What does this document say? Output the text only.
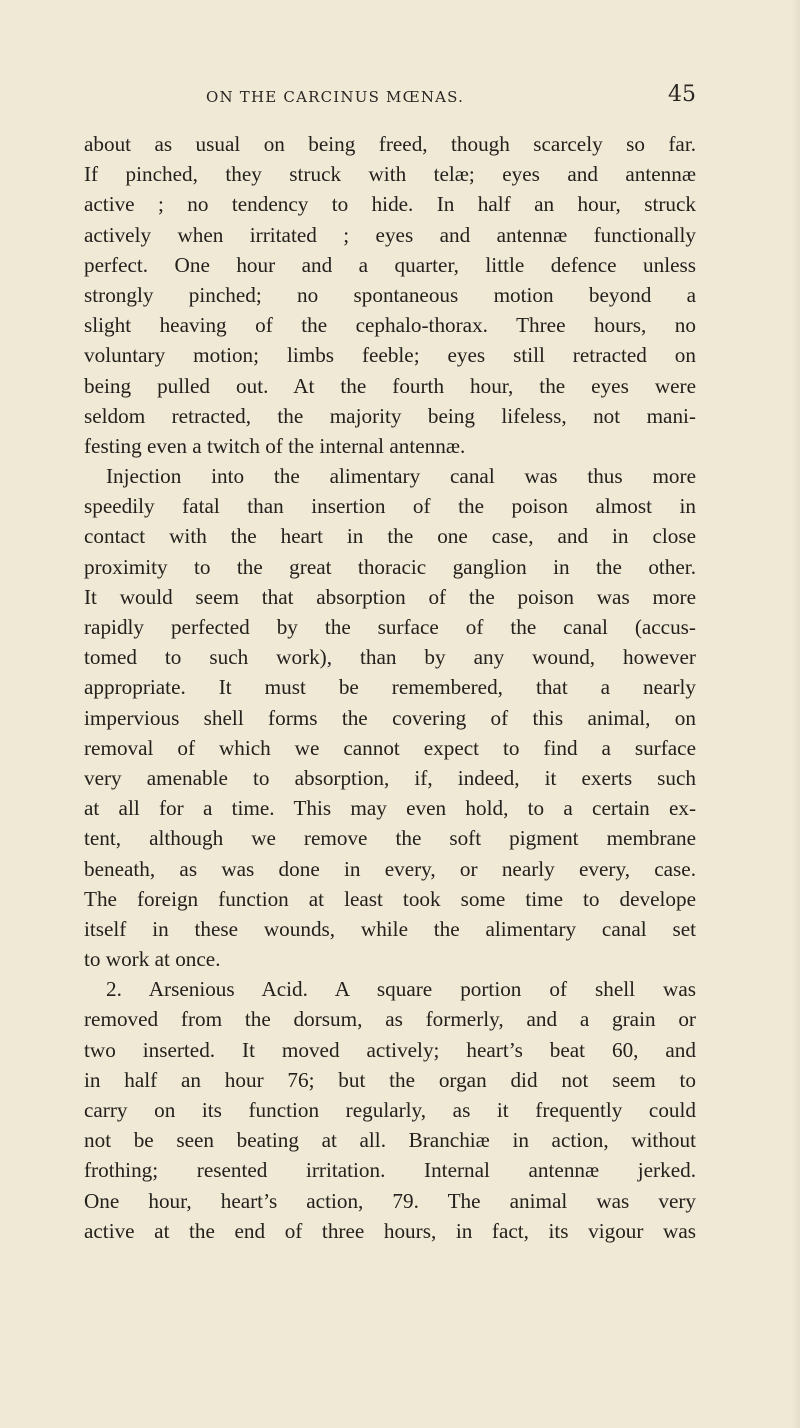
ON THE CARCINUS MŒNAS.	45
about as usual on being freed, though scarcely so far.
If pinched, they struck with telæ; eyes and antennæ
active ; no tendency to hide. In half an hour, struck
actively when irritated ; eyes and antennæ functionally
perfect. One hour and a quarter, little defence unless
strongly pinched; no spontaneous motion beyond a
slight heaving of the cephalo-thorax. Three hours, no
voluntary motion; limbs feeble; eyes still retracted on
being pulled out. At the fourth hour, the eyes were
seldom retracted, the majority being lifeless, not mani-
festing even a twitch of the internal antennæ.
Injection into the alimentary canal was thus more
speedily fatal than insertion of the poison almost in
contact with the heart in the one case, and in close
proximity to the great thoracic ganglion in the other.
It would seem that absorption of the poison was more
rapidly perfected by the surface of the canal (accus-
tomed to such work), than by any wound, however
appropriate. It must be remembered, that a nearly
impervious shell forms the covering of this animal, on
removal of which we cannot expect to find a surface
very amenable to absorption, if, indeed, it exerts such
at all for a time. This may even hold, to a certain ex-
tent, although we remove the soft pigment membrane
beneath, as was done in every, or nearly every, case.
The foreign function at least took some time to develope
itself in these wounds, while the alimentary canal set
to work at once.
2. Arsenious Acid. A square portion of shell was
removed from the dorsum, as formerly, and a grain or
two inserted. It moved actively; heart’s beat 60, and
in half an hour 76; but the organ did not seem to
carry on its function regularly, as it frequently could
not be seen beating at all. Branchiæ in action, without
frothing; resented irritation. Internal antennæ jerked.
One hour, heart’s action, 79. The animal was very
active at the end of three hours, in fact, its vigour was
